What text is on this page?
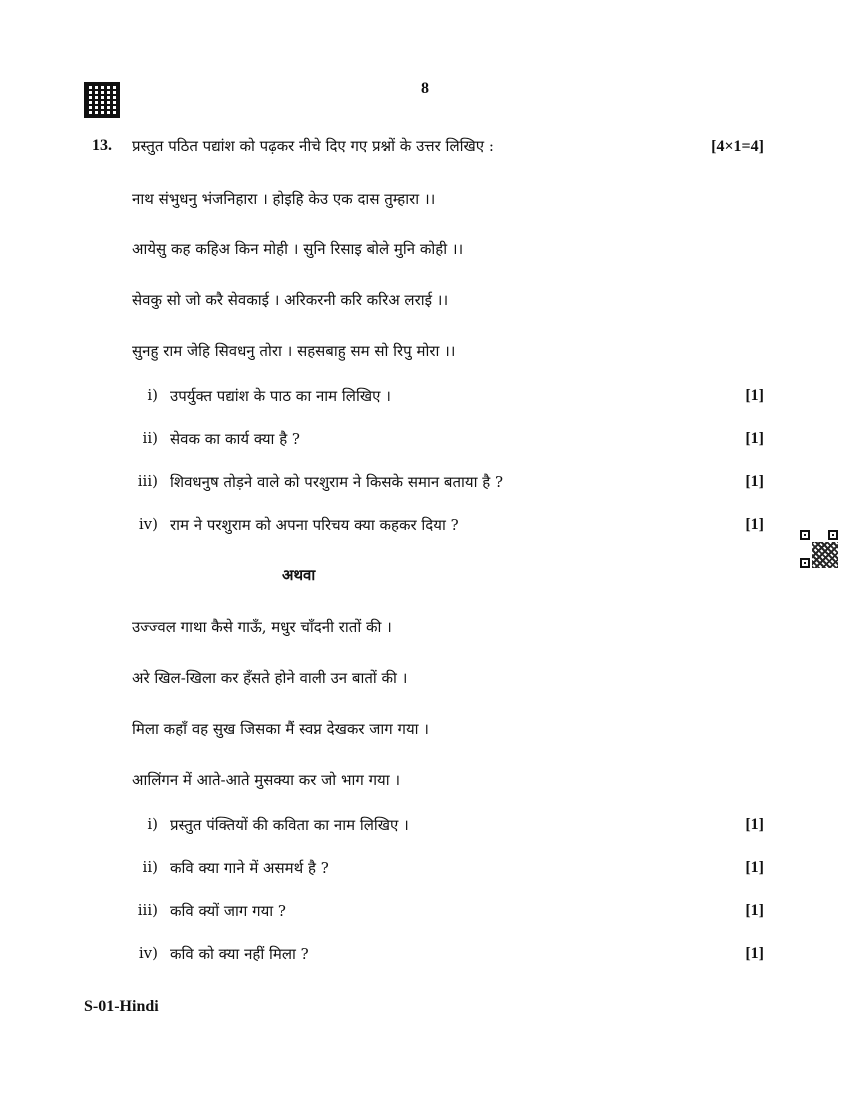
8
13. प्रस्तुत पठित पद्यांश को पढ़कर नीचे दिए गए प्रश्नों के उत्तर लिखिए :	[4×1=4]
नाथ संभुधनु भंजनिहारा । होइहि केउ एक दास तुम्हारा ।।
आयेसु कह कहिअ किन मोही । सुनि रिसाइ बोले मुनि कोही ।।
सेवकु सो जो करै सेवकाई । अरिकरनी करि करिअ लराई ।।
सुनहु राम जेहि सिवधनु तोरा । सहसबाहु सम सो रिपु मोरा ।।
i) उपर्युक्त पद्यांश के पाठ का नाम लिखिए ।	[1]
ii) सेवक का कार्य क्या है ?	[1]
iii) शिवधनुष तोड़ने वाले को परशुराम ने किसके समान बताया है ?	[1]
iv) राम ने परशुराम को अपना परिचय क्या कहकर दिया ?	[1]
अथवा
उज्ज्वल गाथा कैसे गाऊँ, मधुर चाँदनी रातों की ।
अरे खिल-खिला कर हँसते होने वाली उन बातों की ।
मिला कहाँ वह सुख जिसका मैं स्वप्न देखकर जाग गया ।
आलिंगन में आते-आते मुसक्या कर जो भाग गया ।
i) प्रस्तुत पंक्तियों की कविता का नाम लिखिए ।	[1]
ii) कवि क्या गाने में असमर्थ है ?	[1]
iii) कवि क्यों जाग गया ?	[1]
iv) कवि को क्या नहीं मिला ?	[1]
S-01-Hindi
